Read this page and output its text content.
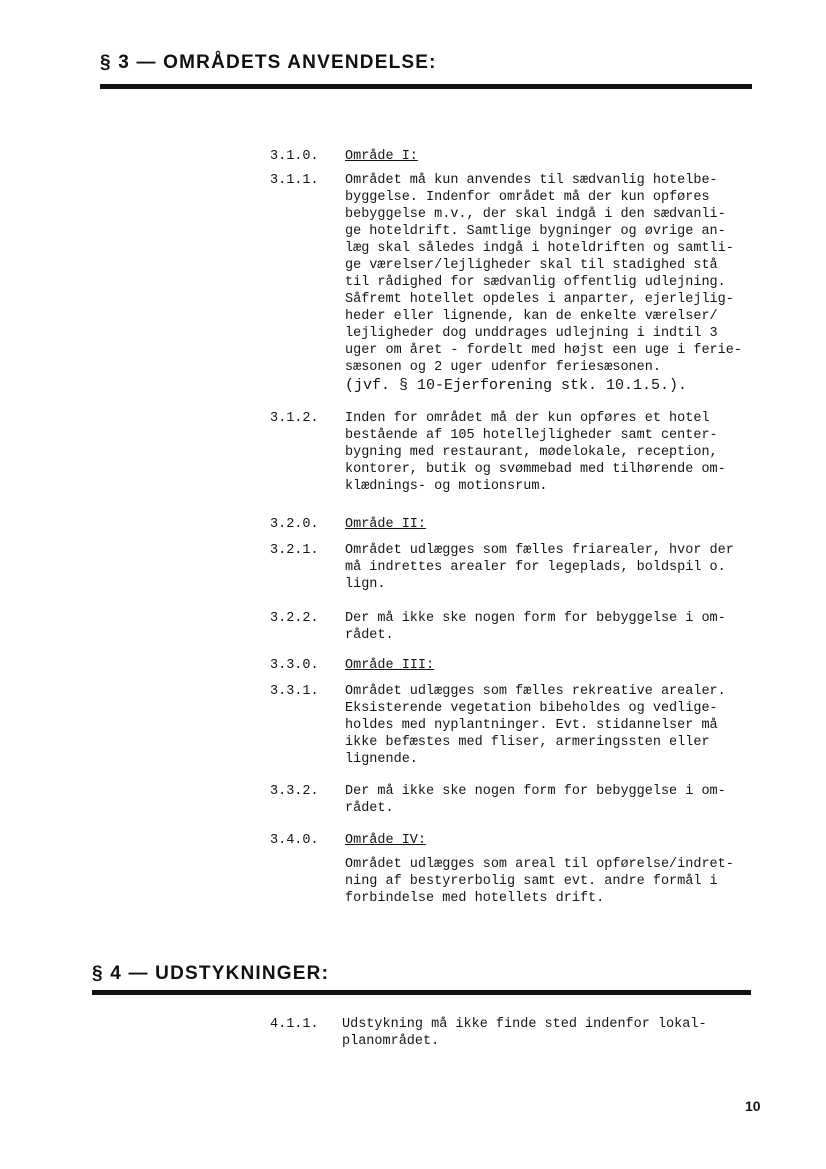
§ 3 — OMRÅDETS ANVENDELSE:
3.1.0. Område I:
3.1.1. Området må kun anvendes til sædvanlig hotelbe-
byggelse. Indenfor området må der kun opføres
bebyggelse m.v., der skal indgå i den sædvanli-
ge hoteldrift. Samtlige bygninger og øvrige an-
læg skal således indgå i hoteldriften og samtli-
ge værelser/lejligheder skal til stadighed stå
til rådighed for sædvanlig offentlig udlejning.
Såfremt hotellet opdeles i anparter, ejerlejlig-
heder eller lignende, kan de enkelte værelser/
lejligheder dog unddrages udlejning i indtil 3
uger om året - fordelt med højst een uge i ferie-
sæsonen og 2 uger udenfor feriesæsonen.
(jvf. § 10-Ejerforening stk. 10.1.5.).
3.1.2. Inden for området må der kun opføres et hotel
bestående af 105 hotellejligheder samt center-
bygning med restaurant, mødelokale, reception,
kontorer, butik og svømmebad med tilhørende om-
klædnings- og motionsrum.
3.2.0. Område II:
3.2.1. Området udlægges som fælles friarealer, hvor der
må indrettes arealer for legeplads, boldspil o.
lign.
3.2.2. Der må ikke ske nogen form for bebyggelse i om-
rådet.
3.3.0. Område III:
3.3.1. Området udlægges som fælles rekreative arealer.
Eksisterende vegetation bibeholdes og vedlige-
holdes med nyplantninger. Evt. stidannelser må
ikke befæstes med fliser, armeringssten eller
lignende.
3.3.2. Der må ikke ske nogen form for bebyggelse i om-
rådet.
3.4.0. Område IV:
Området udlægges som areal til opførelse/indret-
ning af bestyrerbolig samt evt. andre formål i
forbindelse med hotellets drift.
§ 4 — UDSTYKNINGER:
4.1.1. Udstykning må ikke finde sted indenfor lokal-
planområdet.
10
